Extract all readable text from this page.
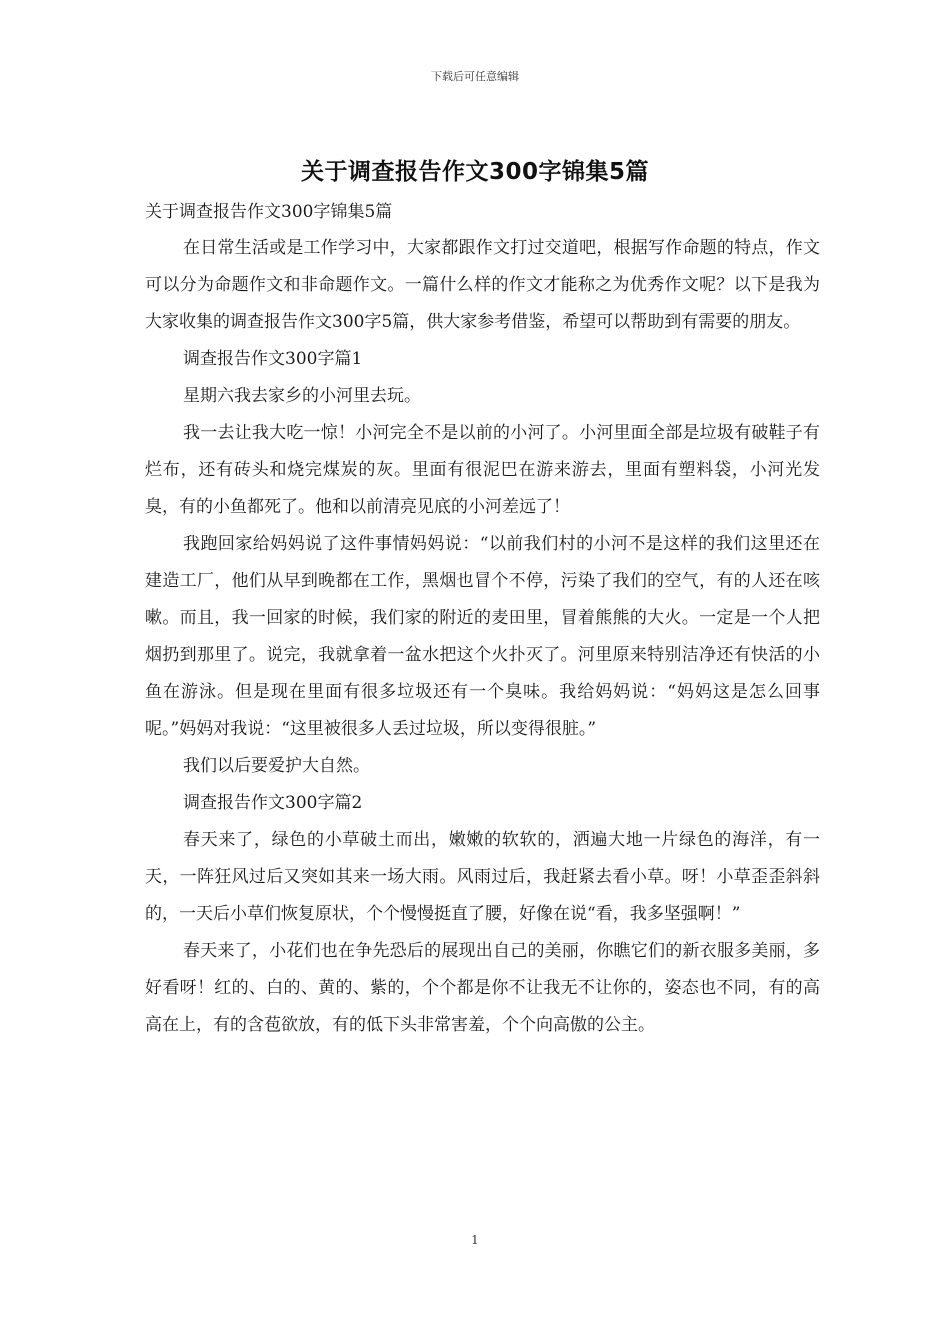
下载后可任意编辑
关于调查报告作文300字锦集5篇

关于调查报告作文300字锦集5篇

在日常生活或是工作学习中，大家都跟作文打过交道吧，根据写作命题的特点，作文可以分为命题作文和非命题作文。一篇什么样的作文才能称之为优秀作文呢？以下是我为大家收集的调查报告作文300字5篇，供大家参考借鉴，希望可以帮助到有需要的朋友。

调查报告作文300字篇1

星期六我去家乡的小河里去玩。

我一去让我大吃一惊！小河完全不是以前的小河了。小河里面全部是垃圾有破鞋子有烂布，还有砖头和烧完煤炭的灰。里面有很泥巴在游来游去，里面有塑料袋，小河光发臭，有的小鱼都死了。他和以前清亮见底的小河差远了！

我跑回家给妈妈说了这件事情妈妈说：“以前我们村的小河不是这样的我们这里还在建造工厂，他们从早到晚都在工作，黑烟也冒个不停，污染了我们的空气，有的人还在咳嗽。而且，我一回家的时候，我们家的附近的麦田里，冒着熊熊的大火。一定是一个人把烟扔到那里了。说完，我就拿着一盆水把这个火扑灭了。河里原来特别洁净还有快活的小鱼在游泳。但是现在里面有很多垃圾还有一个臭味。我给妈妈说：“妈妈这是怎么回事呢。”妈妈对我说：“这里被很多人丢过垃圾，所以变得很脏。”

我们以后要爱护大自然。

调查报告作文300字篇2

春天来了，绿色的小草破土而出，嫩嫩的软软的，洒遍大地一片绿色的海洋，有一天，一阵狂风过后又突如其来一场大雨。风雨过后，我赶紧去看小草。呀！小草歪歪斜斜的，一天后小草们恢复原状，个个慢慢挺直了腰，好像在说“看，我多坚强啊！”

春天来了，小花们也在争先恐后的展现出自己的美丽，你瞧它们的新衣服多美丽，多好看呀！红的、白的、黄的、紫的，个个都是你不让我无不让你的，姿态也不同，有的高高在上，有的含苞欲放，有的低下头非常害羞，个个向高傲的公主。

1
